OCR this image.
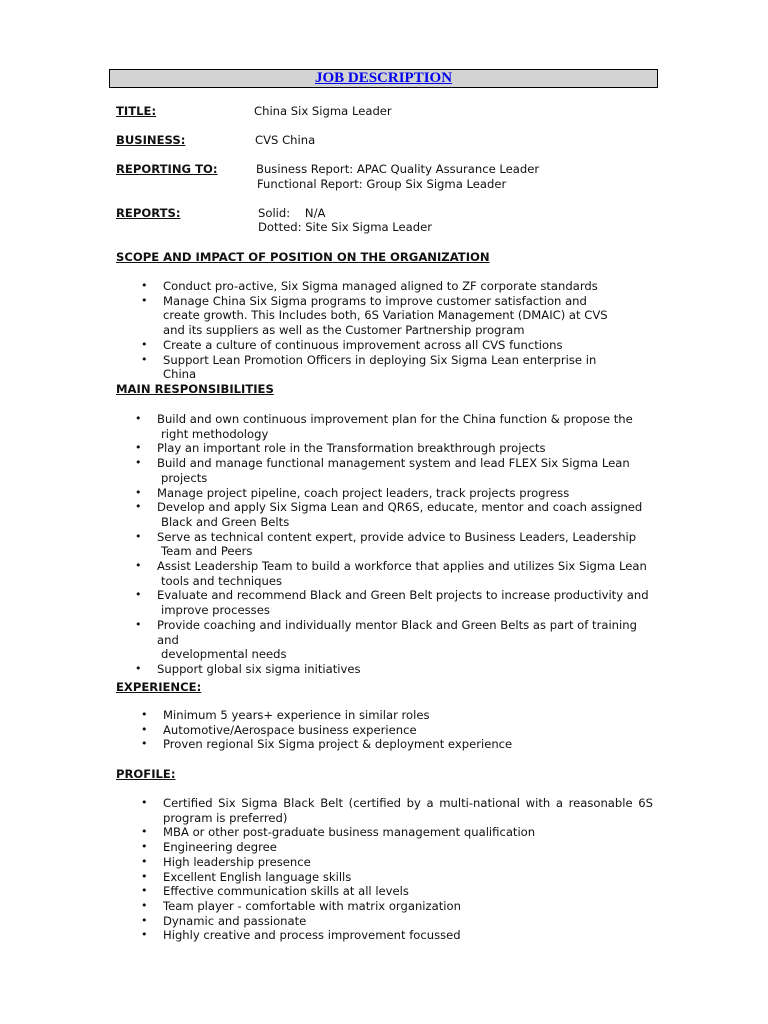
JOB DESCRIPTION
TITLE:	China Six Sigma Leader
BUSINESS:	CVS China
REPORTING TO:	Business Report: APAC Quality Assurance Leader
Functional Report: Group Six Sigma Leader
REPORTS:	Solid:    N/A
Dotted: Site Six Sigma Leader
SCOPE AND IMPACT OF POSITION ON THE ORGANIZATION
• Conduct pro-active, Six Sigma managed aligned to ZF corporate standards
• Manage China Six Sigma programs to improve customer satisfaction and create growth. This Includes both, 6S Variation Management (DMAIC) at CVS and its suppliers as well as the Customer Partnership program
• Create a culture of continuous improvement across all CVS functions
• Support Lean Promotion Officers in deploying Six Sigma Lean enterprise in China
MAIN RESPONSIBILITIES
• Build and own continuous improvement plan for the China function & propose the
right methodology
• Play an important role in the Transformation breakthrough projects
• Build and manage functional management system and lead FLEX Six Sigma Lean
projects
• Manage project pipeline, coach project leaders, track projects progress
• Develop and apply Six Sigma Lean and QR6S, educate, mentor and coach assigned
Black and Green Belts
• Serve as technical content expert, provide advice to Business Leaders, Leadership
Team and Peers
• Assist Leadership Team to build a workforce that applies and utilizes Six Sigma Lean
tools and techniques
• Evaluate and recommend Black and Green Belt projects to increase productivity and
improve processes
• Provide coaching and individually mentor Black and Green Belts as part of training and
developmental needs
• Support global six sigma initiatives
EXPERIENCE:
• Minimum 5 years+ experience in similar roles
• Automotive/Aerospace business experience
• Proven regional Six Sigma project & deployment experience
PROFILE:
• Certified Six Sigma Black Belt (certified by a multi-national with a reasonable 6S program is preferred)
• MBA or other post-graduate business management qualification
• Engineering degree
• High leadership presence
• Excellent English language skills
• Effective communication skills at all levels
• Team player - comfortable with matrix organization
• Dynamic and passionate
• Highly creative and process improvement focussed
